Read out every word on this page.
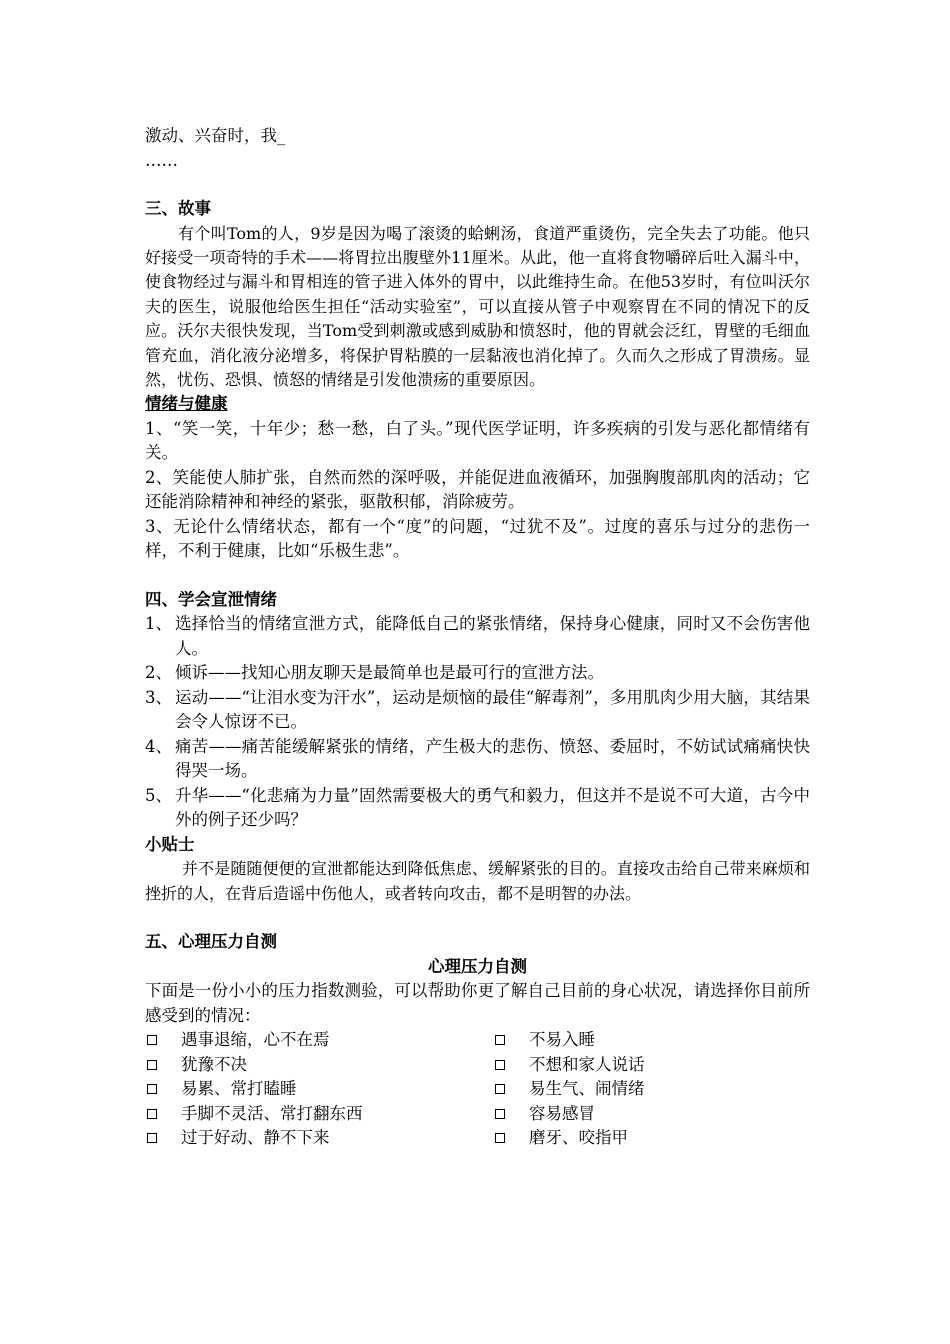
激动、兴奋时，我_
……
三、故事
有个叫Tom的人，9岁是因为喝了滚烫的蛤蜊汤，食道严重烫伤，完全失去了功能。他只好接受一项奇特的手术——将胃拉出腹壁外11厘米。从此，他一直将食物嚼碎后吐入漏斗中，使食物经过与漏斗和胃相连的管子进入体外的胃中，以此维持生命。在他53岁时，有位叫沃尔夫的医生，说服他给医生担任“活动实验室”，可以直接从管子中观察胃在不同的情况下的反应。沃尔夫很快发现，当Tom受到刺激或感到威胁和愤怒时，他的胃就会泛红，胃壁的毛细血管充血，消化液分泌增多，将保护胃粘膜的一层黏液也消化掉了。久而久之形成了胃溃疡。显然，忧伤、恐惧、愤怒的情绪是引发他溃疡的重要原因。
情绪与健康
1、“笑一笑，十年少；愁一愁，白了头。”现代医学证明，许多疾病的引发与恶化都情绪有关。
2、笑能使人肺扩张，自然而然的深呼吸，并能促进血液循环，加强胸腹部肌肉的活动；它还能消除精神和神经的紧张，驱散积郁，消除疲劳。
3、无论什么情绪状态，都有一个“度”的问题，“过犹不及”。过度的喜乐与过分的悲伤一样，不利于健康，比如“乐极生悲”。
四、学会宣泄情绪
1、 选择恰当的情绪宣泄方式，能降低自己的紧张情绪，保持身心健康，同时又不会伤害他人。
2、 倾诉——找知心朋友聊天是最简单也是最可行的宣泄方法。
3、 运动——“让泪水变为汗水”，运动是烦恼的最佳“解毒剂”，多用肌肉少用大脑，其结果会令人惊讶不已。
4、 痛苦——痛苦能缓解紧张的情绪，产生极大的悲伤、愤怒、委屈时，不妨试试痛痛快快得哭一场。
5、 升华——“化悲痛为力量”固然需要极大的勇气和毅力，但这并不是说不可大道，古今中外的例子还少吗？
小贴士
并不是随随便便的宣泄都能达到降低焦虑、缓解紧张的目的。直接攻击给自己带来麻烦和挫折的人，在背后造谣中伤他人，或者转向攻击，都不是明智的办法。
五、心理压力自测
心理压力自测
下面是一份小小的压力指数测验，可以帮助你更了解自己目前的身心状况，请选择你目前所感受到的情况：
遇事退缩，心不在焉	不易入睡
犹豫不决	不想和家人说话
易累、常打瞌睡	易生气、闹情绪
手脚不灵活、常打翻东西	容易感冒
过于好动、静不下来	磨牙、咬指甲
